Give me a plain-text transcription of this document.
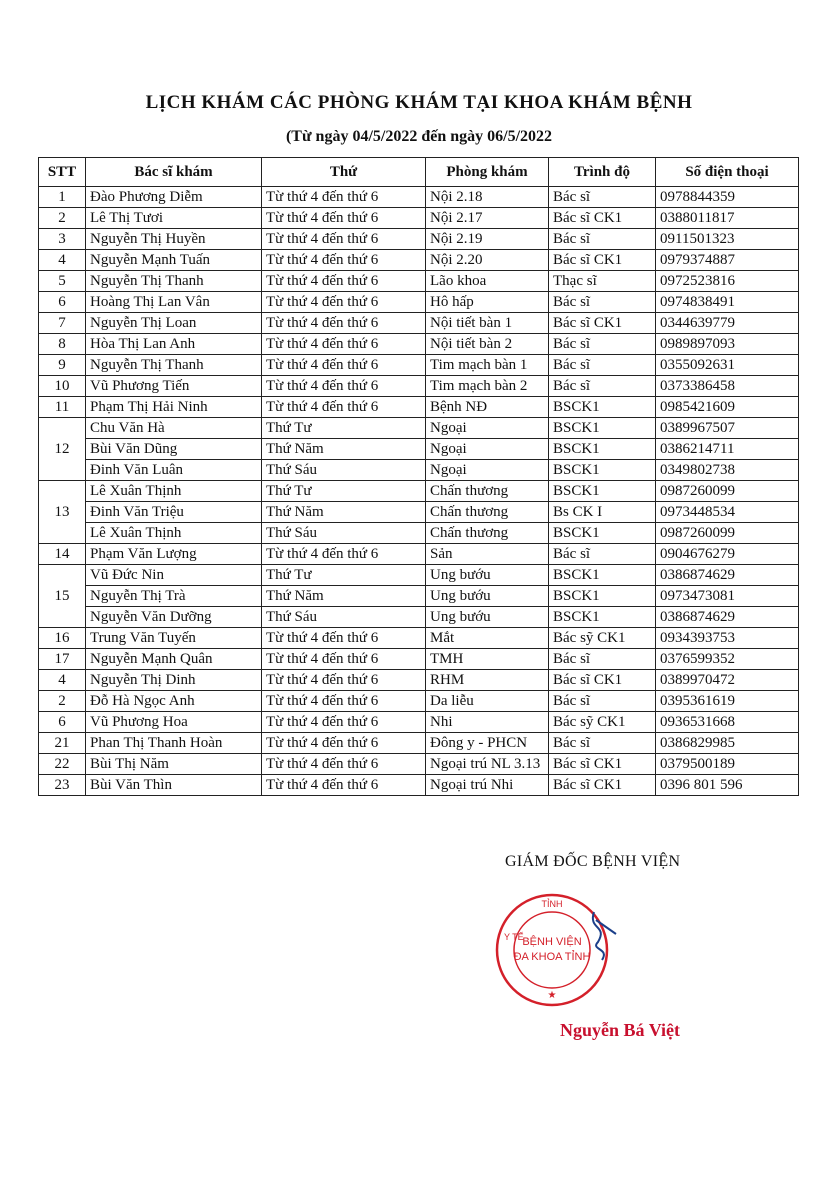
LỊCH KHÁM CÁC PHÒNG KHÁM TẠI KHOA KHÁM BỆNH
(Từ ngày 04/5/2022 đến ngày 06/5/2022
STT	Bác sĩ khám	Thứ	Phòng khám	Trình độ	Số điện thoại
1	Đào Phương Diễm	Từ thứ 4 đến thứ 6	Nội 2.18	Bác sĩ	0978844359
2	Lê Thị Tươi	Từ thứ 4 đến thứ 6	Nội 2.17	Bác sĩ CK1	0388011817
3	Nguyễn Thị Huyền	Từ thứ 4 đến thứ 6	Nội 2.19	Bác sĩ	0911501323
4	Nguyễn Mạnh Tuấn	Từ thứ 4 đến thứ 6	Nội 2.20	Bác sĩ CK1	0979374887
5	Nguyễn Thị Thanh	Từ thứ 4 đến thứ 6	Lão khoa	Thạc sĩ	0972523816
6	Hoàng Thị Lan Vân	Từ thứ 4 đến thứ 6	Hô hấp	Bác sĩ	0974838491
7	Nguyễn Thị Loan	Từ thứ 4 đến thứ 6	Nội tiết bàn 1	Bác sĩ CK1	0344639779
8	Hòa Thị Lan Anh	Từ thứ 4 đến thứ 6	Nội tiết bàn 2	Bác sĩ	0989897093
9	Nguyễn Thị Thanh	Từ thứ 4 đến thứ 6	Tim mạch bàn 1	Bác sĩ	0355092631
10	Vũ Phương Tiến	Từ thứ 4 đến thứ 6	Tim mạch bàn 2	Bác sĩ	0373386458
11	Phạm Thị Hải Ninh	Từ thứ 4 đến thứ 6	Bệnh NĐ	BSCK1	0985421609
12	Chu Văn Hà	Thứ Tư	Ngoại	BSCK1	0389967507
	Bùi Văn Dũng	Thứ Năm	Ngoại	BSCK1	0386214711
	Đinh Văn Luân	Thứ Sáu	Ngoại	BSCK1	0349802738
13	Lê Xuân Thịnh	Thứ Tư	Chấn thương	BSCK1	0987260099
	Đinh Văn Triệu	Thứ Năm	Chấn thương	Bs CK I	0973448534
	Lê Xuân Thịnh	Thứ Sáu	Chấn thương	BSCK1	0987260099
14	Phạm Văn Lượng	Từ thứ 4 đến thứ 6	Sản	Bác sĩ	0904676279
15	Vũ Đức Nin	Thứ Tư	Ung bướu	BSCK1	0386874629
	Nguyễn Thị Trà	Thứ Năm	Ung bướu	BSCK1	0973473081
	Nguyễn Văn Dưỡng	Thứ Sáu	Ung bướu	BSCK1	0386874629
16	Trung Văn Tuyến	Từ thứ 4 đến thứ 6	Mắt	Bác sỹ CK1	0934393753
17	Nguyễn Mạnh Quân	Từ thứ 4 đến thứ 6	TMH	Bác sĩ	0376599352
4	Nguyễn Thị Dinh	Từ thứ 4 đến thứ 6	RHM	Bác sĩ CK1	0389970472
2	Đỗ Hà Ngọc Anh	Từ thứ 4 đến thứ 6	Da liễu	Bác sĩ	0395361619
6	Vũ Phương Hoa	Từ thứ 4 đến thứ 6	Nhi	Bác sỹ CK1	0936531668
21	Phan Thị Thanh Hoàn	Từ thứ 4 đến thứ 6	Đông y - PHCN	Bác sĩ	0386829985
22	Bùi Thị Năm	Từ thứ 4 đến thứ 6	Ngoại trú NL 3.13	Bác sĩ CK1	0379500189
23	Bùi Văn Thìn	Từ thứ 4 đến thứ 6	Ngoại trú Nhi	Bác sĩ CK1	0396 801 596
GIÁM ĐỐC BỆNH VIỆN
BỆNH VIỆN
ĐA KHOA TỈNH
TỈNH
Y TẾ
★
Nguyễn Bá Việt
